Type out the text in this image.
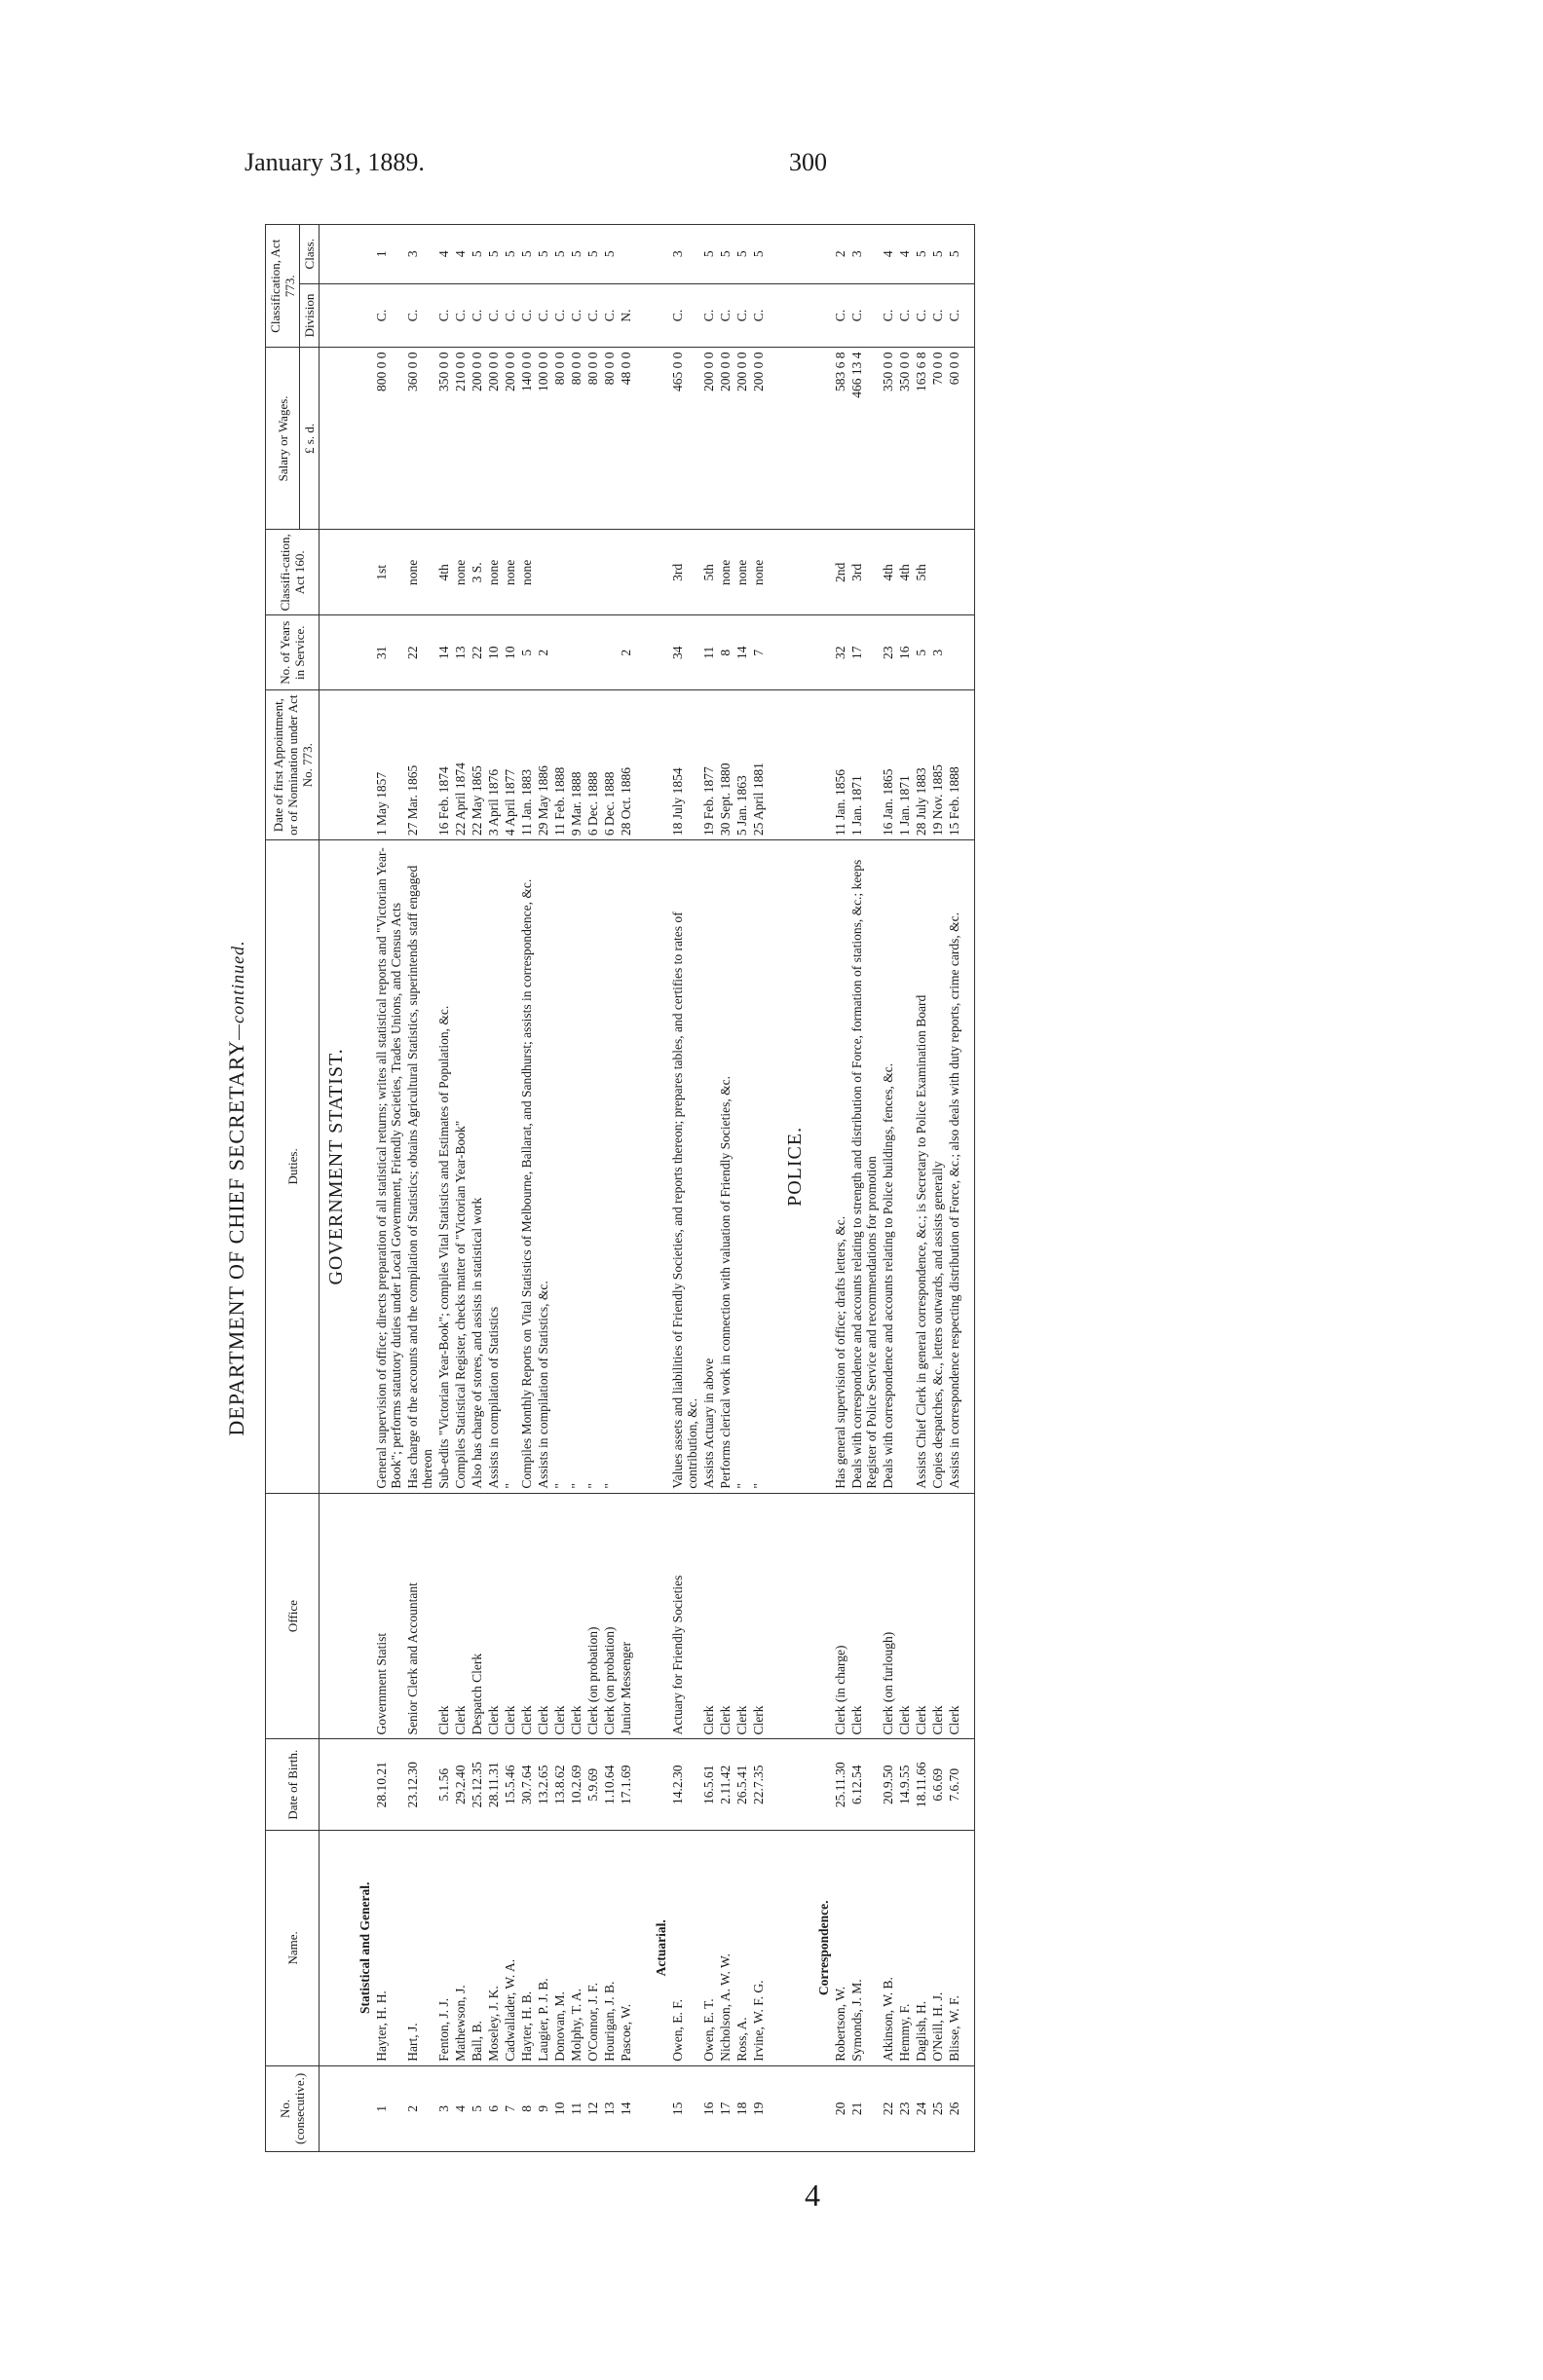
January 31, 1889.	300
DEPARTMENT OF CHIEF SECRETARY—continued.
No. (consecutive.)	Name.	Date of Birth.	Office	Duties.	Date of first Appointment, or of Nomination under Act No. 773.	No. of Years in Service.	Classifi-cation, Act 160.	Salary or Wages.	Classification, Act 773.	
								£ s. d.	Division	Class.
				GOVERNMENT STATIST.						
	Statistical and General.									
1	Hayter, H. H.	28.10.21	Government Statist	General supervision of office; directs preparation of all statistical returns; writes all statistical reports and "Victorian Year-Book"; performs statutory duties under Local Government, Friendly Societies, Trades Unions, and Census Acts	1 May 1857	31	1st	800 0 0	C.	1
2	Hart, J.	23.12.30	Senior Clerk and Accountant	Has charge of the accounts and the compilation of Statistics; obtains Agricultural Statistics, superintends staff engaged thereon	27 Mar. 1865	22	none	360 0 0	C.	3
3	Fenton, J. J.	5.1.56	Clerk	Sub-edits "Victorian Year-Book"; compiles Vital Statistics and Estimates of Population, &c.	16 Feb. 1874	14	4th	350 0 0	C.	4
4	Mathewson, J.	29.2.40	Clerk	Compiles Statistical Register, checks matter of "Victorian Year-Book"	22 April 1874	13	none	210 0 0	C.	4
5	Ball, B.	25.12.35	Despatch Clerk	Also has charge of stores, and assists in statistical work	22 May 1865	22	3 S.	200 0 0	C.	5
6	Moseley, J. K.	28.11.31	Clerk	Assists in compilation of Statistics	3 April 1876	10	none	200 0 0	C.	5
7	Cadwallader, W. A.	15.5.46	Clerk	"	4 April 1877	10	none	200 0 0	C.	5
8	Hayter, H. B.	30.7.64	Clerk	Compiles Monthly Reports on Vital Statistics of Melbourne, Ballarat, and Sandhurst; assists in correspondence, &c.	11 Jan. 1883	5	none	140 0 0	C.	5
9	Laugier, P. J. B.	13.2.65	Clerk	Assists in compilation of Statistics, &c.	29 May 1886	2		100 0 0	C.	5
10	Donovan, M.	13.8.62	Clerk	"	11 Feb. 1888			80 0 0	C.	5
11	Molphy, T. A.	10.2.69	Clerk	"	9 Mar. 1888			80 0 0	C.	5
12	O'Connor, J. F.	5.9.69	Clerk (on probation)	"	6 Dec. 1888			80 0 0	C.	5
13	Hourigan, J. B.	1.10.64	Clerk (on probation)	"	6 Dec. 1888			80 0 0	C.	5
14	Pascoe, W.	17.1.69	Junior Messenger		28 Oct. 1886	2		48 0 0	N.	

	Actuarial.									
15	Owen, E. F.	14.2.30	Actuary for Friendly Societies	Values assets and liabilities of Friendly Societies, and reports thereon; prepares tables, and certifies to rates of contribution, &c.	18 July 1854	34	3rd	465 0 0	C.	3
16	Owen, E. T.	16.5.61	Clerk	Assists Actuary in above	19 Feb. 1877	11	5th	200 0 0	C.	5
17	Nicholson, A. W. W.	2.11.42	Clerk	Performs clerical work in connection with valuation of Friendly Societies, &c.	30 Sept. 1880	8	none	200 0 0	C.	5
18	Ross, A.	26.5.41	Clerk	"	5 Jan. 1863	14	none	200 0 0	C.	5
19	Irvine, W. F. G.	22.7.35	Clerk	"	25 April 1881	7	none	200 0 0	C.	5

				POLICE.						
	Correspondence.									
20	Robertson, W.	25.11.30	Clerk (in charge)	Has general supervision of office; drafts letters, &c.	11 Jan. 1856	32	2nd	583 6 8	C.	2
21	Symonds, J. M.	6.12.54	Clerk	Deals with correspondence and accounts relating to strength and distribution of Force, formation of stations, &c.; keeps Register of Police Service and recommendations for promotion	1 Jan. 1871	17	3rd	466 13 4	C.	3
22	Atkinson, W. B.	20.9.50	Clerk (on furlough)	Deals with correspondence and accounts relating to Police buildings, fences, &c.	16 Jan. 1865	23	4th	350 0 0	C.	4
23	Hemmy, F.	14.9.55	Clerk		1 Jan. 1871	16	4th	350 0 0	C.	4
24	Daglish, H.	18.11.66	Clerk	Assists Chief Clerk in general correspondence, &c.; is Secretary to Police Examination Board	28 July 1883	5	5th	163 6 8	C.	5
25	O'Neill, H. J.	6.6.69	Clerk	Copies despatches, &c., letters outwards, and assists generally	19 Nov. 1885	3		70 0 0	C.	5
26	Blisse, W. F.	7.6.70	Clerk	Assists in correspondence respecting distribution of Force, &c.; also deals with duty reports, crime cards, &c.	15 Feb. 1888			60 0 0	C.	5

4
